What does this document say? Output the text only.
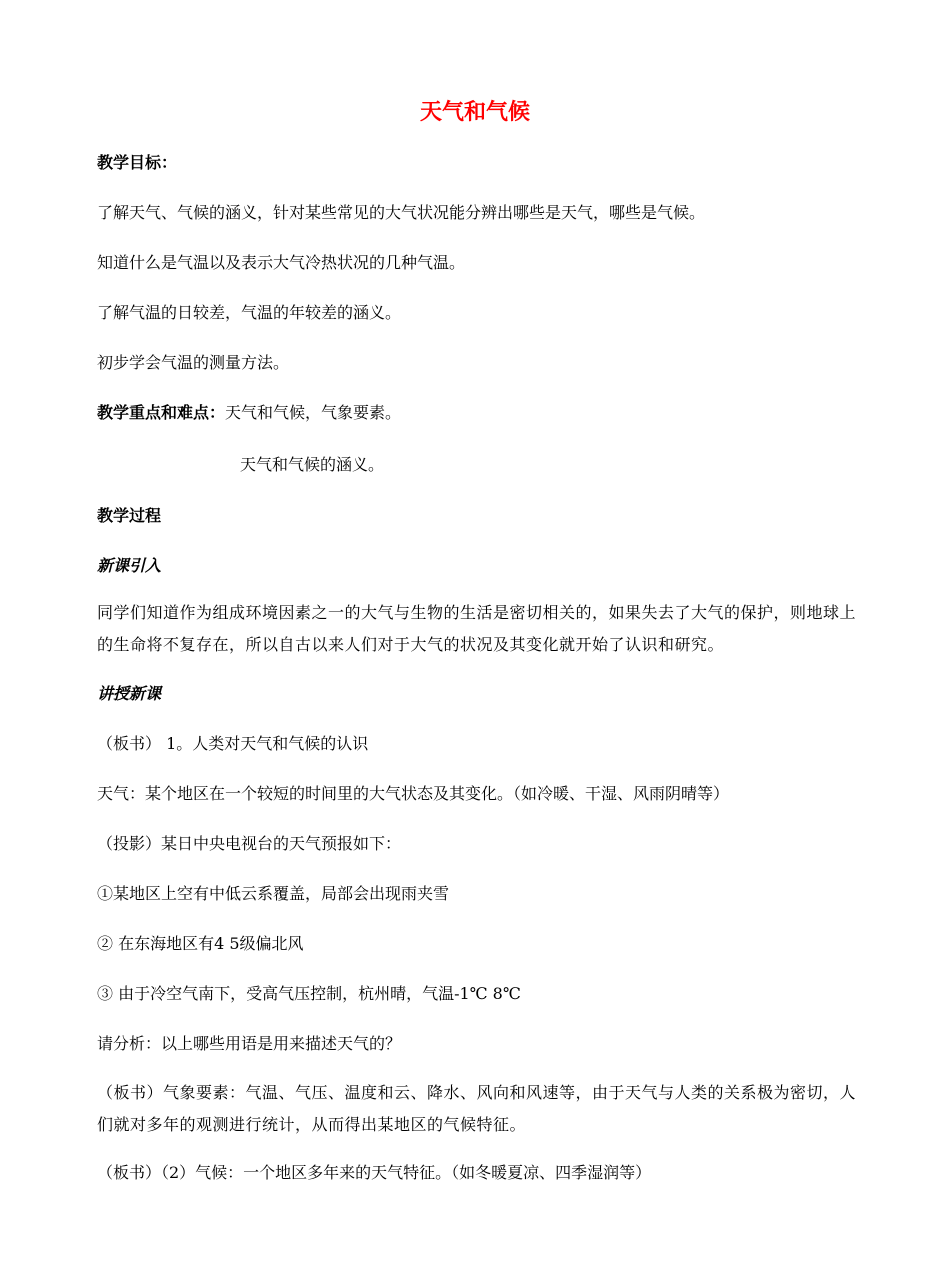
天气和气候

教学目标：

了解天气、气候的涵义，针对某些常见的大气状况能分辨出哪些是天气，哪些是气候。

知道什么是气温以及表示大气冷热状况的几种气温。

了解气温的日较差，气温的年较差的涵义。

初步学会气温的测量方法。

教学重点和难点：天气和气候，气象要素。

天气和气候的涵义。

教学过程

新课引入

同学们知道作为组成环境因素之一的大气与生物的生活是密切相关的，如果失去了大气的保护，则地球上的生命将不复存在，所以自古以来人们对于大气的状况及其变化就开始了认识和研究。

讲授新课

（板书） 1。人类对天气和气候的认识

天气：某个地区在一个较短的时间里的大气状态及其变化。（如冷暖、干湿、风雨阴晴等）

（投影）某日中央电视台的天气预报如下：

①某地区上空有中低云系覆盖，局部会出现雨夹雪

② 在东海地区有4 5级偏北风

③ 由于冷空气南下，受高气压控制，杭州晴，气温-1℃ 8℃

请分析：以上哪些用语是用来描述天气的？

（板书）气象要素：气温、气压、温度和云、降水、风向和风速等，由于天气与人类的关系极为密切，人们就对多年的观测进行统计，从而得出某地区的气候特征。

（板书）（2）气候：一个地区多年来的天气特征。（如冬暖夏凉、四季湿润等）
